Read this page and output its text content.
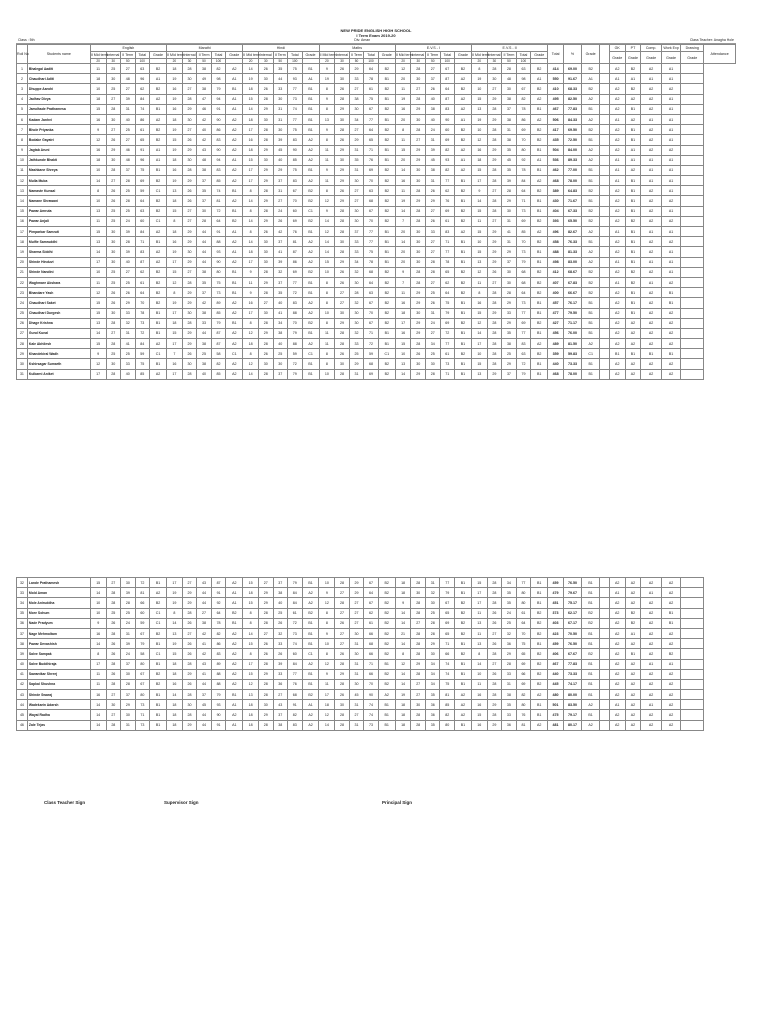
NEW PRIDE ENGLISH HIGH SCHOOL
I Term Exam 2019-20
Class : 5th	Div: Aman	Class Teacher: Anagha Hole
Roll No	Students name	English					Marathi					Hindi					Maths					E.V.S - I					E.V.S - II					Total	%	Grade		GK	PT	Comp.	Work Exp	Drawing	Attendance
		II Mid term	Internal	II Term	Total	Grade	II Mid term	Internal	II Term	Total	Grade	II Mid term	Internal	II Term	Total	Grade	II Mid term	Internal	II Term	Total	Grade	II Mid term	Internal	II Term	Total	Grade	II Mid term	Internal	II Term	Total	Grade					Grade	Grade	Grade	Grade	Grade	
		20	30	50	100		20	30	50	100		20	30	50	100		20	30	50	100		20	30	50	100		20	30	50	100											
1	Bhalegal Aaditi	11	25	27	63	B2	18	28	38	82	A2	14	26	35	75	B1	9	26	29	64	B2	12	28	27	67	B2	8	28	28	63	B2	414	69.00	B2		A2	B2	A2	A1		
2	Chaudhari Aditi	18	30	48	96	A1	19	30	49	98	A1	19	30	44	93	A1	19	30	33	78	B1	20	30	37	87	A2	19	30	48	98	A1	550	91.67	A1		A1	A1	A1	A1		
3	Dhuppe Aarohi	10	25	27	62	B2	16	27	38	79	B1	18	26	33	77	B1	8	26	27	61	B2	11	27	26	64	B2	10	27	30	67	B2	410	68.33	B2		A2	B2	A2	A2		
4	Jadhav Divya	18	27	39	84	A2	19	28	47	94	A1	15	28	30	73	B1	9	28	38	75	B1	19	28	40	87	A2	15	29	38	82	A2	495	82.50	A2		A2	A2	A2	A1		
5	Jamdhade Prathamesa	15	28	31	74	B1	16	29	46	91	A1	14	29	31	74	B1	8	29	30	67	B2	16	29	38	83	A2	13	28	37	78	B1	467	77.83	B1		A2	B1	A2	A1		
6	Kadam Janhvi	16	30	40	86	A2	18	30	42	90	A2	18	30	31	77	B1	13	30	34	77	B1	20	30	40	90	A1	19	29	38	86	A2	506	84.33	A2		A1	A2	A1	A1		
7	Bhole Priyanka	9	27	25	61	B2	19	27	40	86	A2	17	28	30	75	B1	9	28	27	64	B2	8	28	24	60	B2	10	28	31	69	B2	417	69.50	B2		A2	B1	A2	A1		
8	Bodake Gayatri	12	26	27	65	B2	15	26	42	83	A2	16	28	39	83	A2	8	26	29	65	B2	11	27	31	69	B2	12	28	38	70	B2	435	72.50	B1		A2	B1	A2	A1		
9	Jagtab Aruni	16	29	46	91	A1	19	29	43	90	A2	18	29	45	90	A2	11	29	31	71	B1	15	29	39	82	A2	16	29	35	80	B1	504	84.00	A2		A2	A1	A2	A2		
10	Jathkunde Bhakti	18	30	48	96	A1	18	30	48	94	A1	15	30	40	85	A2	11	30	35	76	B1	20	29	45	93	A1	18	29	45	92	A1	536	89.33	A2		A1	A1	A1	A1		
11	Mashkane Shreya	10	28	37	75	B1	16	28	38	83	A2	17	29	29	75	B1	9	29	31	69	B2	14	30	38	82	A2	15	28	35	78	B1	462	77.00	B1		A1	A2	A1	A1		
12	Mulla Muba	14	27	28	69	B2	19	29	37	85	A2	17	29	37	83	A2	11	29	30	70	B2	16	30	31	77	B1	17	28	39	84	A2	468	78.00	B1		A1	B1	A1	A1		
13	Namaste Kunsal	8	26	25	59	C1	13	26	35	74	B1	8	28	31	67	B2	8	26	27	63	B2	11	28	26	62	B2	9	27	28	64	B2	389	64.83	B2		A2	B1	A2	A1		
14	Namane Shrawani	10	26	28	64	B2	18	26	37	81	A2	14	29	27	70	B2	12	29	27	68	B2	19	29	29	76	B1	14	28	29	71	B1	430	71.67	B1		A2	B1	A2	A2		
15	Pawar Amruta	13	25	25	63	B2	15	27	30	72	B1	8	28	24	60	C1	9	28	30	67	B2	14	28	27	69	B2	15	28	30	73	B1	404	67.33	B2		A2	B1	A2	A1		
16	Pawar Anjali	11	25	24	60	C1	8	27	28	64	B2	14	29	26	69	B2	14	28	30	70	B2	7	28	26	61	B2	11	27	31	69	B2	393	65.50	B2		A2	B2	A2	A2		
17	Pimparkar Samruti	15	30	39	84	A2	18	29	44	91	A1	8	26	42	76	B1	12	28	37	77	B1	20	30	33	83	A2	15	29	41	85	A2	496	82.67	A2		A1	B1	A1	A1		
18	Mulfie Samruddhi	13	30	28	71	B1	16	29	44	88	A2	14	30	37	81	A2	14	30	33	77	B1	14	30	27	71	B1	10	29	31	70	B2	458	76.33	B1		A2	B1	A2	A2		
19	Sharma Siddhi	14	30	39	83	A2	19	30	44	93	A1	18	30	41	87	A2	14	28	33	75	B1	20	30	27	77	B1	15	29	29	73	B1	488	81.33	A2		A2	B1	A2	A1		
20	Shinde Hinduvi	17	30	40	87	A2	17	29	44	90	A2	17	30	39	86	A2	15	29	34	78	B1	20	30	28	78	B1	13	29	37	79	B1	498	83.00	A2		A1	B1	A1	A1		
21	Shinde Nandini	10	25	27	62	B2	15	27	38	80	B1	9	28	32	69	B2	10	26	32	68	B2	9	28	28	65	B2	12	26	30	68	B2	412	68.67	B2		A2	B2	A2	A1		
22	Waghmare Akshara	11	25	25	61	B2	12	28	35	75	B1	11	29	37	77	B1	8	26	30	64	B2	7	28	27	62	B2	11	27	30	68	B2	407	67.83	B2		A1	B2	A1	A2		
23	Bhandare Yash	12	26	26	64	B2	8	29	37	73	B1	9	28	35	72	B1	8	27	28	63	B2	11	29	25	64	B2	8	28	28	64	B2	400	66.67	B2		A2	B1	A2	B1		
24	Chaudhari Saket	15	26	29	70	B2	19	29	42	89	A2	16	27	40	83	A2	8	27	32	67	B2	16	29	26	75	B1	16	28	29	73	B1	457	76.17	B1		A2	B1	A2	B1		
25	Chaudhari Durgesh	15	30	33	78	B1	17	30	38	85	A2	17	30	41	88	A2	10	30	30	70	B2	18	30	31	79	B1	15	29	33	77	B1	477	79.50	B1		A2	B1	A2	A2		
26	Dhage Krishna	13	28	32	73	B1	18	28	33	79	B1	8	28	34	70	B2	8	29	30	67	B2	17	29	24	69	B2	12	28	29	69	B2	427	71.17	B1		A2	A2	A2	A2		
27	Gund Kunal	14	27	31	72	B1	15	29	44	87	A2	12	29	38	79	B1	11	28	32	71	B1	16	29	27	72	B1	14	28	35	77	B1	456	76.00	B1		A2	A2	A2	A2		
28	Kale Abhilesh	15	28	41	84	A2	17	29	38	87	A2	18	28	40	88	A2	11	28	33	72	B1	15	28	34	77	B1	17	28	38	83	A2	489	81.50	A2		A2	A2	A2	A2		
29	Khandekiral Wadh	9	25	25	59	C1	7	26	25	58	C1	8	26	25	59	C1	8	26	25	59	C1	10	26	25	61	B2	10	28	25	63	B2	359	59.83	C1		B1	B1	B1	B1		
30	Kshirsagar Sumarth	12	30	33	75	B1	16	30	38	82	A2	12	30	30	72	B1	8	30	29	68	B2	13	30	30	73	B1	15	28	29	72	B1	440	73.33	B1		A2	A2	A2	A2		
31	Kulkarni Aniket	17	28	40	85	A2	17	28	40	85	A2	14	28	37	79	B1	10	28	31	69	B2	14	29	28	71	B1	13	29	37	79	B1	468	78.00	B1		A2	A2	A2	A2		
32	Lande Prathamesh	15	27	30	72	B1	17	27	43	87	A2	15	27	37	79	B1	10	28	29	67	B2	18	28	31	77	B1	15	28	34	77	B1	459	76.50	B1		A2	A2	A2	A2	
33	Mold Aman	14	28	39	81	A2	19	29	44	91	A1	18	29	38	84	A2	9	27	29	64	B2	18	30	32	79	B1	17	28	35	80	B1	479	79.67	B1		A1	A2	A1	A2	
34	Mole Aniruddha	10	28	28	66	B2	19	29	44	92	A1	15	29	40	84	A2	12	28	27	67	B2	9	28	30	67	B2	17	28	35	80	B1	451	75.17	B1		A2	A2	A2	A2	
35	More Sohum	10	25	25	60	C1	8	28	27	64	B2	8	28	25	61	B2	8	27	27	62	B2	14	28	25	65	B2	11	26	24	61	B2	373	62.17	B2		A2	B2	A2	B1	
36	Nade Pradyum	9	26	24	59	C1	14	26	38	78	B1	8	28	26	72	B1	8	26	27	61	B2	14	27	28	69	B2	13	26	25	64	B2	403	67.17	B2		A2	B2	A2	B1	
37	Nage Mehmoltam	16	28	31	67	B2	13	27	42	82	A2	14	27	32	73	B1	9	27	30	66	B2	21	28	28	65	B2	11	27	32	70	B2	423	70.50	B1		A2	A1	A2	A2	
38	Pawar Devashish	14	26	39	79	B1	19	26	41	86	A2	15	26	33	74	B1	10	27	31	68	B2	14	28	29	71	B1	13	26	36	75	B1	459	76.50	B1		A2	A2	A2	A2	
39	Salve Sampak	8	26	24	58	C1	15	26	42	83	A2	8	26	26	60	C1	8	26	30	66	B2	8	28	30	66	B2	8	28	29	65	B2	406	67.67	B2		A2	B1	A2	B2	
40	Salve Buddhiraja	17	28	37	80	B1	18	28	43	89	A2	17	28	39	84	A2	12	28	31	71	B1	12	29	34	74	B1	14	27	28	69	B2	467	77.83	B1		A2	A2	A1	A1	
41	Sawantkar Shreej	11	26	30	67	B2	18	29	41	88	A2	15	29	33	77	B1	9	29	31	66	B2	14	28	34	74	B1	10	26	33	66	B2	440	73.33	B1		A2	A2	A2	A2	
42	Sapkal Shushna	11	28	28	67	B2	16	26	44	88	A2	12	28	36	76	B1	11	28	30	70	B2	14	27	34	75	B1	11	28	31	69	B2	445	74.17	B1		A2	A2	A2	A2	
43	Shinde Swaraj	16	27	37	80	B1	14	28	37	79	B1	13	28	27	68	B2	17	26	45	90	A2	19	27	35	81	A2	16	28	38	82	A2	480	80.00	B1		A2	A2	A2	A2	
44	Wadekarin Adarsh	14	30	29	73	B1	18	30	45	93	A1	18	30	43	91	A1	18	30	31	74	B1	18	30	36	85	A2	16	29	35	80	B1	501	83.50	A2		A1	A2	A1	A2	
45	Wayal Radha	14	27	30	71	B1	18	28	44	90	A2	18	29	37	82	A2	12	28	27	74	B1	18	28	36	82	A2	15	28	33	76	B1	475	79.17	B1		A2	A2	A2	A2	
46	Zale Tejas	14	28	31	73	B1	18	29	44	91	A1	18	28	38	83	A2	14	28	31	73	B1	18	28	35	80	B1	16	29	36	81	A2	481	80.17	A2		A2	A2	A2	A2	
Class Teacher Sign	Supervisor Sign	Principal Sign
